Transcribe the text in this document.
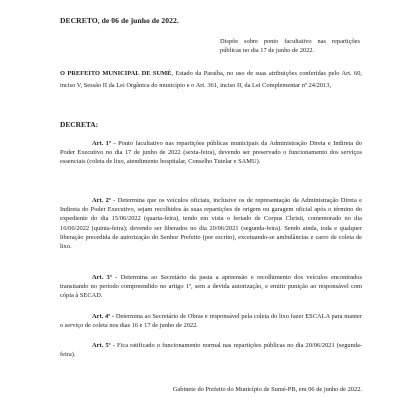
DECRETO, de 06 de junho de 2022.
Dispõe sobre ponto facultativo nas repartições públicas no dia 17 de junho de 2022.
O PREFEITO MUNICIPAL DE SUMÉ, Estado da Paraíba, no uso de suas atribuições conferidas pelo Art. 60, inciso V, Sessão II da Lei Orgânica do município e o Art. 361, inciso II, da Lei Complementar nº 24/2013,
DECRETA:
Art. 1º - Ponto facultativo nas repartições públicas municipais da Administração Direta e Indireta do Poder Executivo no dia 17 de junho de 2022 (sexta-feira), devendo ser preservado o funcionamento dos serviços essenciais (coleta de lixo, atendimento hospitalar, Conselho Tutelar e SAMU).
Art. 2º - Determina que os veículos oficiais, inclusive os de representação da Administração Direta e Indireta do Poder Executivo, sejam recolhidos às suas repartições de origem ou garagem oficial após o término do expediente do dia 15/06/2022 (quarta-feira), tendo em vista o feriado de Corpus Christi, comemorado no dia 16/06/2022 (quinta-feira); devendo ser liberados no dia 20/06/2021 (segunda-feira). Sendo ainda, toda e qualquer liberação precedida de autorização do Senhor Prefeito (por escrito), excetuando-se ambulâncias e carro de coleta de lixo.
Art. 3º - Determina ao Secretário da pasta a apreensão e recolhimento dos veículos encontrados transitando no período compreendido no artigo 1º, sem a devida autorização, e emitir punição ao responsável com cópia à SECAD.
Art. 4º - Determina ao Secretário de Obras e responsável pela coleta do lixo fazer ESCALA para manter o serviço de coleta nos dias 16 e 17 de junho de 2022.
Art. 5º - Fica ratificado o funcionamento normal nas repartições públicas no dia 20/06/2021 (segunda-feira).
Gabinete do Prefeito do Município de Sumé-PB, em 06 de junho de 2022.
